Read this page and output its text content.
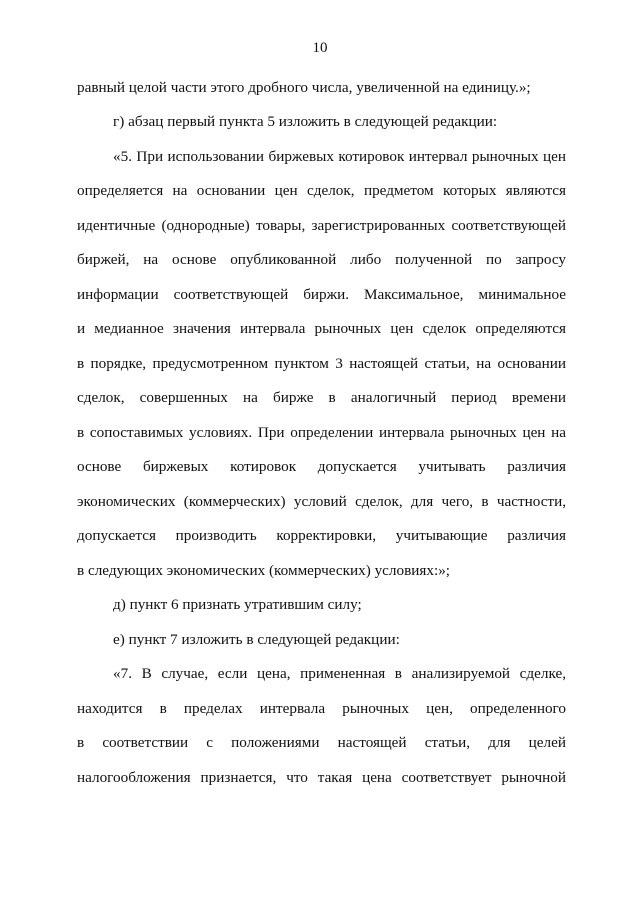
10
равный целой части этого дробного числа, увеличенной на единицу.»;
г) абзац первый пункта 5 изложить в следующей редакции:
«5. При использовании биржевых котировок интервал рыночных цен
определяется на основании цен сделок, предметом которых являются
идентичные (однородные) товары, зарегистрированных соответствующей
биржей, на основе опубликованной либо полученной по запросу
информации соответствующей биржи. Максимальное, минимальное
и медианное значения интервала рыночных цен сделок определяются
в порядке, предусмотренном пунктом 3 настоящей статьи, на основании
сделок, совершенных на бирже в аналогичный период времени
в сопоставимых условиях. При определении интервала рыночных цен на
основе биржевых котировок допускается учитывать различия
экономических (коммерческих) условий сделок, для чего, в частности,
допускается производить корректировки, учитывающие различия
в следующих экономических (коммерческих) условиях:»;
д) пункт 6 признать утратившим силу;
е) пункт 7 изложить в следующей редакции:
«7. В случае, если цена, примененная в анализируемой сделке,
находится в пределах интервала рыночных цен, определенного
в соответствии с положениями настоящей статьи, для целей
налогообложения признается, что такая цена соответствует рыночной
